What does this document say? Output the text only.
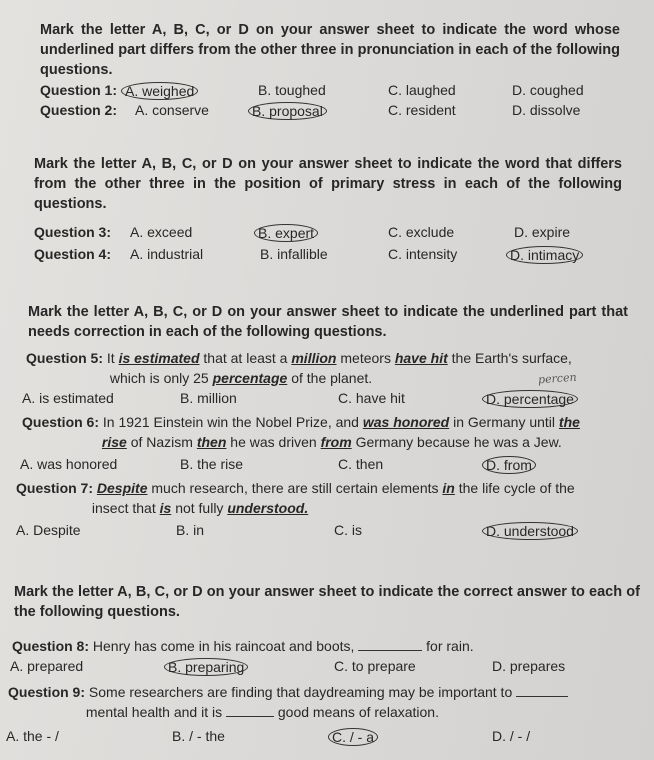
Mark the letter A, B, C, or D on your answer sheet to indicate the word whose underlined part differs from the other three in pronunciation in each of the following questions.
Question 1: A. weighed	B. toughed	C. laughed	D. coughed
Question 2: A. conserve	B. proposal	C. resident	D. dissolve
Mark the letter A, B, C, or D on your answer sheet to indicate the word that differs from the other three in the position of primary stress in each of the following questions.
Question 3: A. exceed	B. expert	C. exclude	D. expire
Question 4: A. industrial	B. infallible	C. intensity	D. intimacy
Mark the letter A, B, C, or D on your answer sheet to indicate the underlined part that needs correction in each of the following questions.
Question 5: It is estimated that at least a million meteors have hit the Earth's surface,
which is only 25 percentage of the planet.	percen
A. is estimated	B. million	C. have hit	D. percentage
Question 6: In 1921 Einstein win the Nobel Prize, and was honored in Germany until the
rise of Nazism then he was driven from Germany because he was a Jew.
A. was honored	B. the rise	C. then	D. from
Question 7: Despite much research, there are still certain elements in the life cycle of the
insect that is not fully understood.
A. Despite	B. in	C. is	D. understood
Mark the letter A, B, C, or D on your answer sheet to indicate the correct answer to each of the following questions.
Question 8: Henry has come in his raincoat and boots,	for rain.
A. prepared	B. preparing	C. to prepare	D. prepares
Question 9: Some researchers are finding that daydreaming may be important to
mental health and it is	good means of relaxation.
A. the - /	B. / - the	C. / - a	D. / - /
